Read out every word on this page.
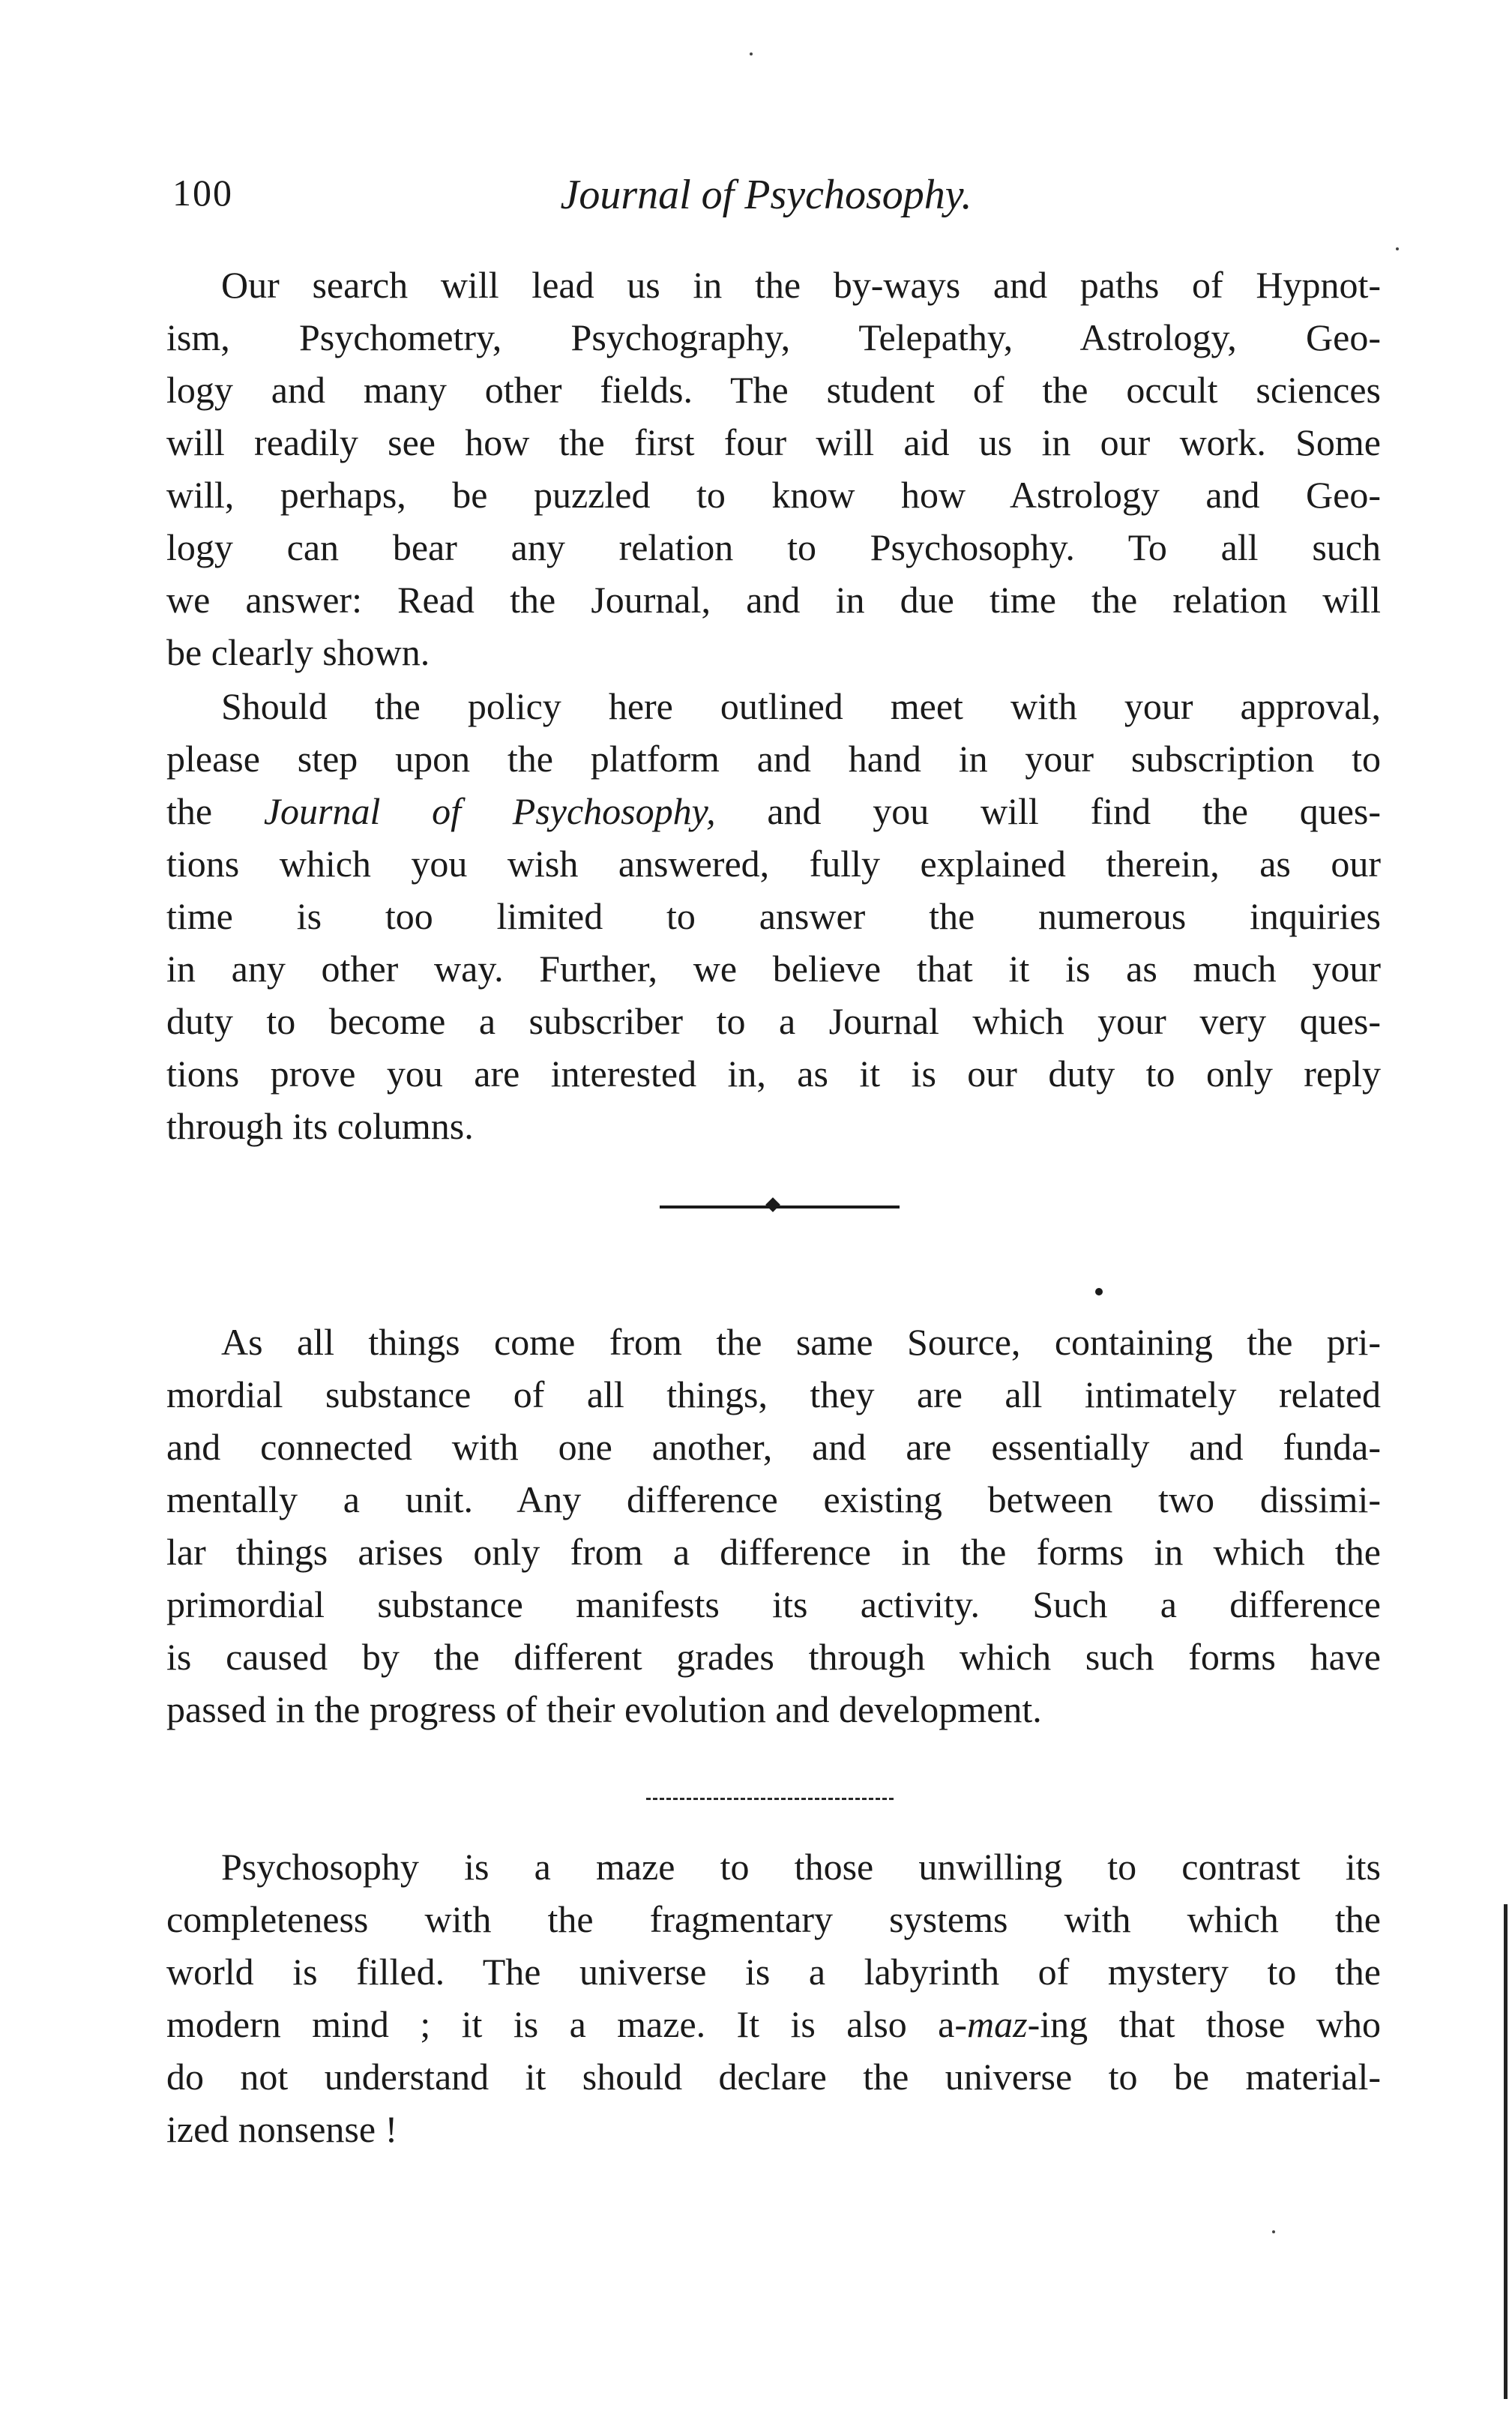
100	Journal of Psychosophy.
Our search will lead us in the by-ways and paths of Hypnot-
ism, Psychometry, Psychography, Telepathy, Astrology, Geo-
logy and many other fields. The student of the occult sciences
will readily see how the first four will aid us in our work. Some
will, perhaps, be puzzled to know how Astrology and Geo-
logy can bear any relation to Psychosophy. To all such
we answer: Read the Journal, and in due time the relation will
be clearly shown.
Should the policy here outlined meet with your approval,
please step upon the platform and hand in your subscription to
the Journal of Psychosophy, and you will find the ques-
tions which you wish answered, fully explained therein, as our
time is too limited to answer the numerous inquiries
in any other way. Further, we believe that it is as much your
duty to become a subscriber to a Journal which your very ques-
tions prove you are interested in, as it is our duty to only reply
through its columns.
As all things come from the same Source, containing the pri-
mordial substance of all things, they are all intimately related
and connected with one another, and are essentially and funda-
mentally a unit. Any difference existing between two dissimi-
lar things arises only from a difference in the forms in which the
primordial substance manifests its activity. Such a difference
is caused by the different grades through which such forms have
passed in the progress of their evolution and development.
Psychosophy is a maze to those unwilling to contrast its
completeness with the fragmentary systems with which the
world is filled. The universe is a labyrinth of mystery to the
modern mind ; it is a maze. It is also a-maz-ing that those who
do not understand it should declare the universe to be material-
ized nonsense !
